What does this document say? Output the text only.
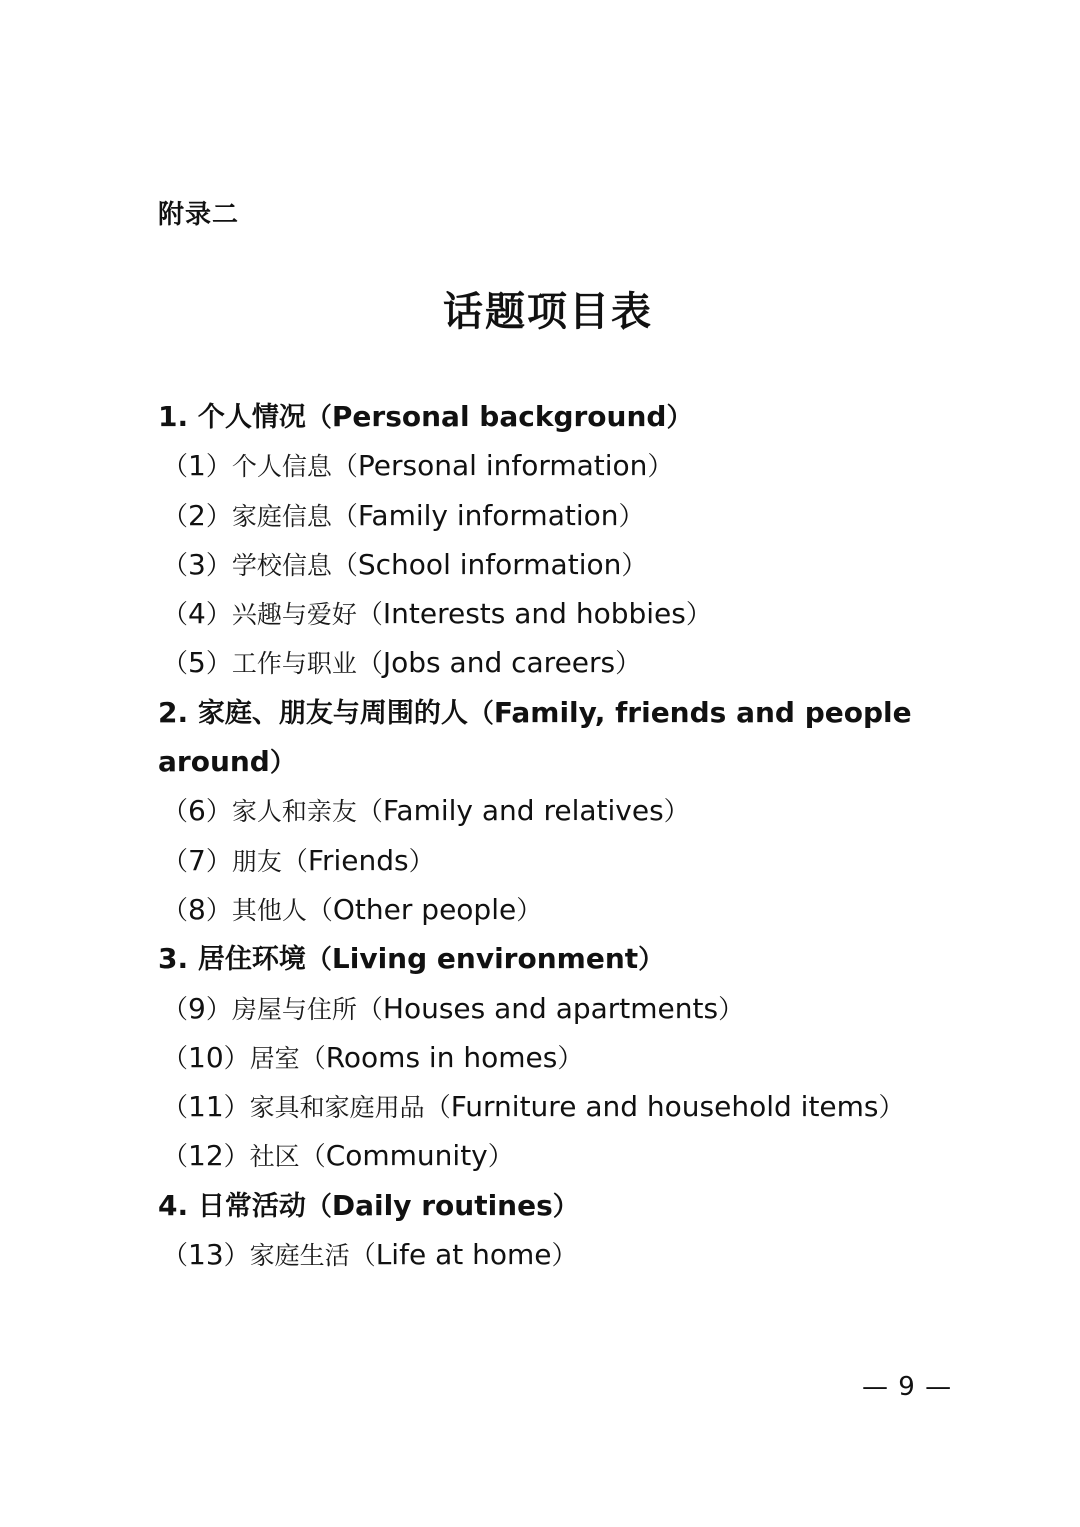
附录二
话题项目表
1. 个人情况（Personal background）
（1）个人信息（Personal information）
（2）家庭信息（Family information）
（3）学校信息（School information）
（4）兴趣与爱好（Interests and hobbies）
（5）工作与职业（Jobs and careers）
2. 家庭、朋友与周围的人（Family, friends and people
around）
（6）家人和亲友（Family and relatives）
（7）朋友（Friends）
（8）其他人（Other people）
3. 居住环境（Living environment）
（9）房屋与住所（Houses and apartments）
（10）居室（Rooms in homes）
（11）家具和家庭用品（Furniture and household items）
（12）社区（Community）
4. 日常活动（Daily routines）
（13）家庭生活（Life at home）
— 9 —
